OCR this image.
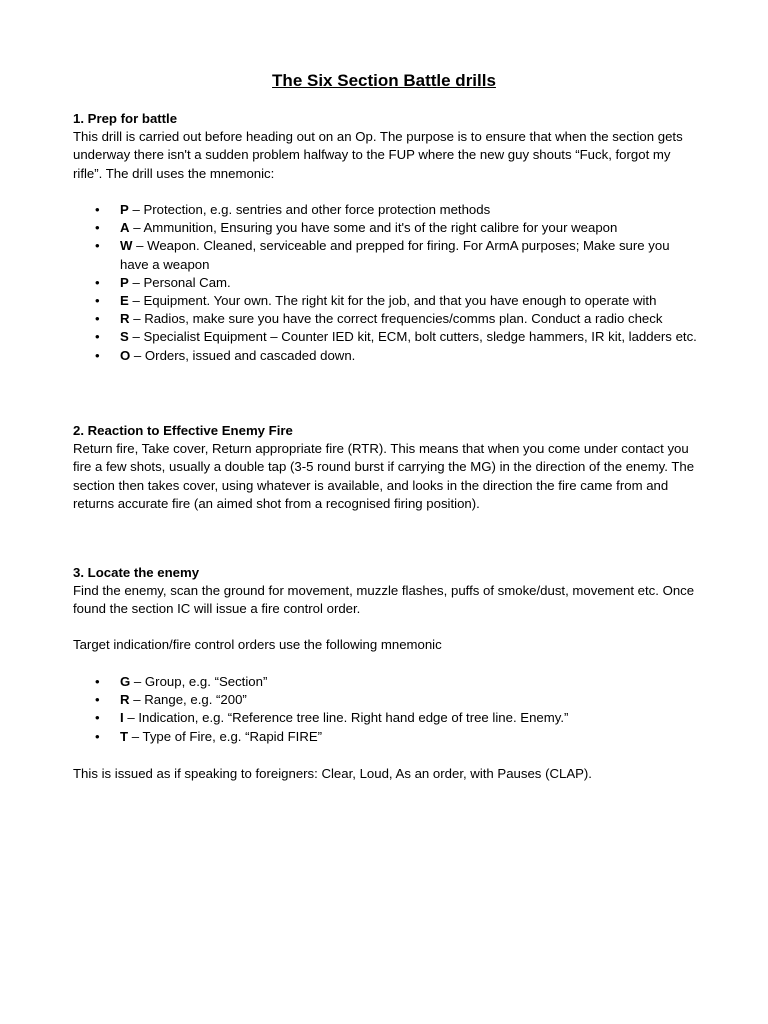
The Six Section Battle drills
1. Prep for battle

This drill is carried out before heading out on an Op. The purpose is to ensure that when the section gets underway there isn't a sudden problem halfway to the FUP where the new guy shouts “Fuck, forgot my rifle”. The drill uses the mnemonic:

• P – Protection, e.g. sentries and other force protection methods
• A – Ammunition, Ensuring you have some and it's of the right calibre for your weapon
• W – Weapon. Cleaned, serviceable and prepped for firing. For ArmA purposes; Make sure you have a weapon
• P – Personal Cam.
• E – Equipment. Your own. The right kit for the job, and that you have enough to operate with
• R – Radios, make sure you have the correct frequencies/comms plan. Conduct a radio check
• S – Specialist Equipment – Counter IED kit, ECM, bolt cutters, sledge hammers, IR kit, ladders etc.
• O – Orders, issued and cascaded down.
2. Reaction to Effective Enemy Fire

Return fire, Take cover, Return appropriate fire (RTR). This means that when you come under contact you fire a few shots, usually a double tap (3-5 round burst if carrying the MG) in the direction of the enemy. The section then takes cover, using whatever is available, and looks in the direction the fire came from and returns accurate fire (an aimed shot from a recognised firing position).

3. Locate the enemy

Find the enemy, scan the ground for movement, muzzle flashes, puffs of smoke/dust, movement etc. Once found the section IC will issue a fire control order.

Target indication/fire control orders use the following mnemonic

• G – Group, e.g. “Section”
• R – Range, e.g. “200”
• I – Indication, e.g. “Reference tree line. Right hand edge of tree line. Enemy.”
• T – Type of Fire, e.g. “Rapid FIRE”

This is issued as if speaking to foreigners: Clear, Loud, As an order, with Pauses (CLAP).
